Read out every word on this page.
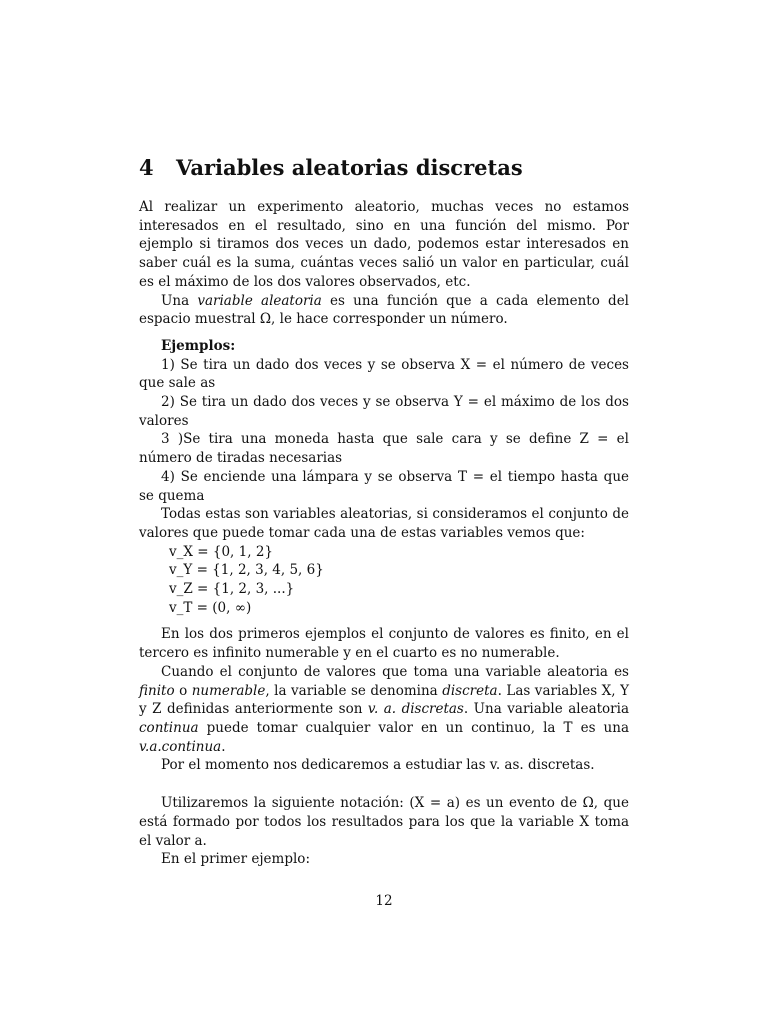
4 Variables aleatorias discretas

Al realizar un experimento aleatorio, muchas veces no estamos interesados en el resultado, sino en una función del mismo. Por ejemplo si tiramos dos veces un dado, podemos estar interesados en saber cuál es la suma, cuántas veces salió un valor en particular, cuál es el máximo de los dos valores observados, etc.

Una variable aleatoria es una función que a cada elemento del espacio muestral Ω, le hace corresponder un número.

Ejemplos:

1) Se tira un dado dos veces y se observa X = el número de veces que sale as

2) Se tira un dado dos veces y se observa Y = el máximo de los dos valores

3 )Se tira una moneda hasta que sale cara y se define Z = el número de tiradas necesarias

4) Se enciende una lámpara y se observa T = el tiempo hasta que se quema

Todas estas son variables aleatorias, si consideramos el conjunto de valores que puede tomar cada una de estas variables vemos que:

v_X = {0, 1, 2}

v_Y = {1, 2, 3, 4, 5, 6}

v_Z = {1, 2, 3, ...}

v_T = (0, ∞)

En los dos primeros ejemplos el conjunto de valores es finito, en el tercero es infinito numerable y en el cuarto es no numerable.

Cuando el conjunto de valores que toma una variable aleatoria es finito o numerable, la variable se denomina discreta. Las variables X, Y y Z definidas anteriormente son v. a. discretas. Una variable aleatoria continua puede tomar cualquier valor en un continuo, la T es una v.a.continua.

Por el momento nos dedicaremos a estudiar las v. as. discretas.

Utilizaremos la siguiente notación: (X = a) es un evento de Ω, que está formado por todos los resultados para los que la variable X toma el valor a.

En el primer ejemplo:

12
